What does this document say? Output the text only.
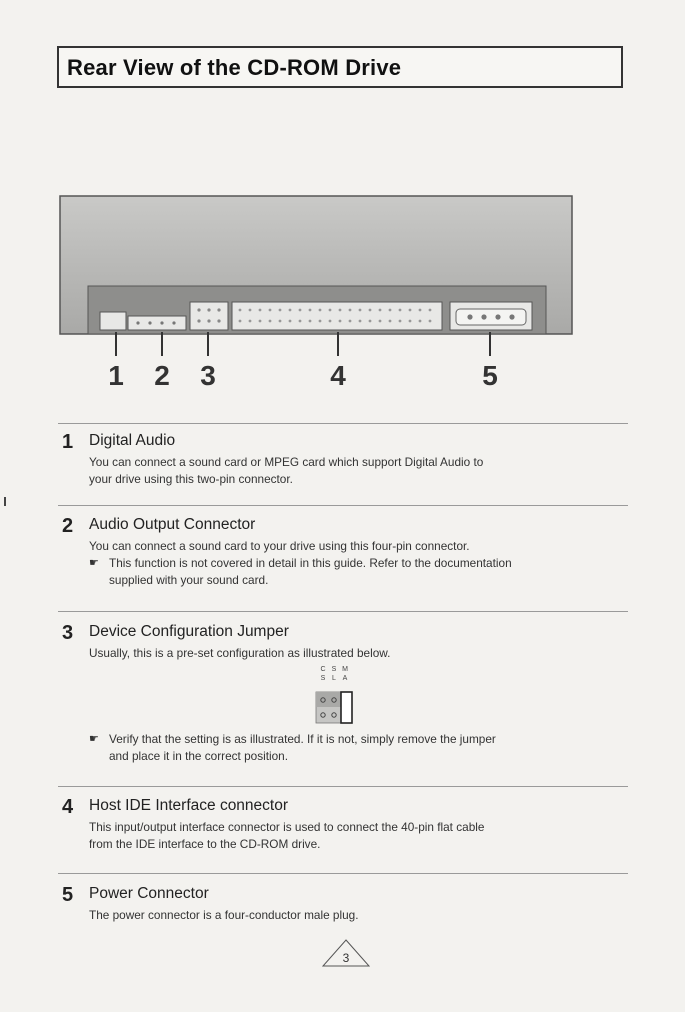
Rear View of the CD-ROM Drive
1 2 3	4	5
1 Digital Audio
You can connect a sound card or MPEG card which support Digital Audio to
your drive using this two-pin connector.
2 Audio Output Connector
You can connect a sound card to your drive using this four-pin connector.
☛ This function is not covered in detail in this guide. Refer to the documentation
supplied with your sound card.
3 Device Configuration Jumper
Usually, this is a pre-set configuration as illustrated below.
C S M
S L A
☛ Verify that the setting is as illustrated. If it is not, simply remove the jumper
and place it in the correct position.
4 Host IDE Interface connector
This input/output interface connector is used to connect the 40-pin flat cable
from the IDE interface to the CD-ROM drive.
5 Power Connector
The power connector is a four-conductor male plug.
3
